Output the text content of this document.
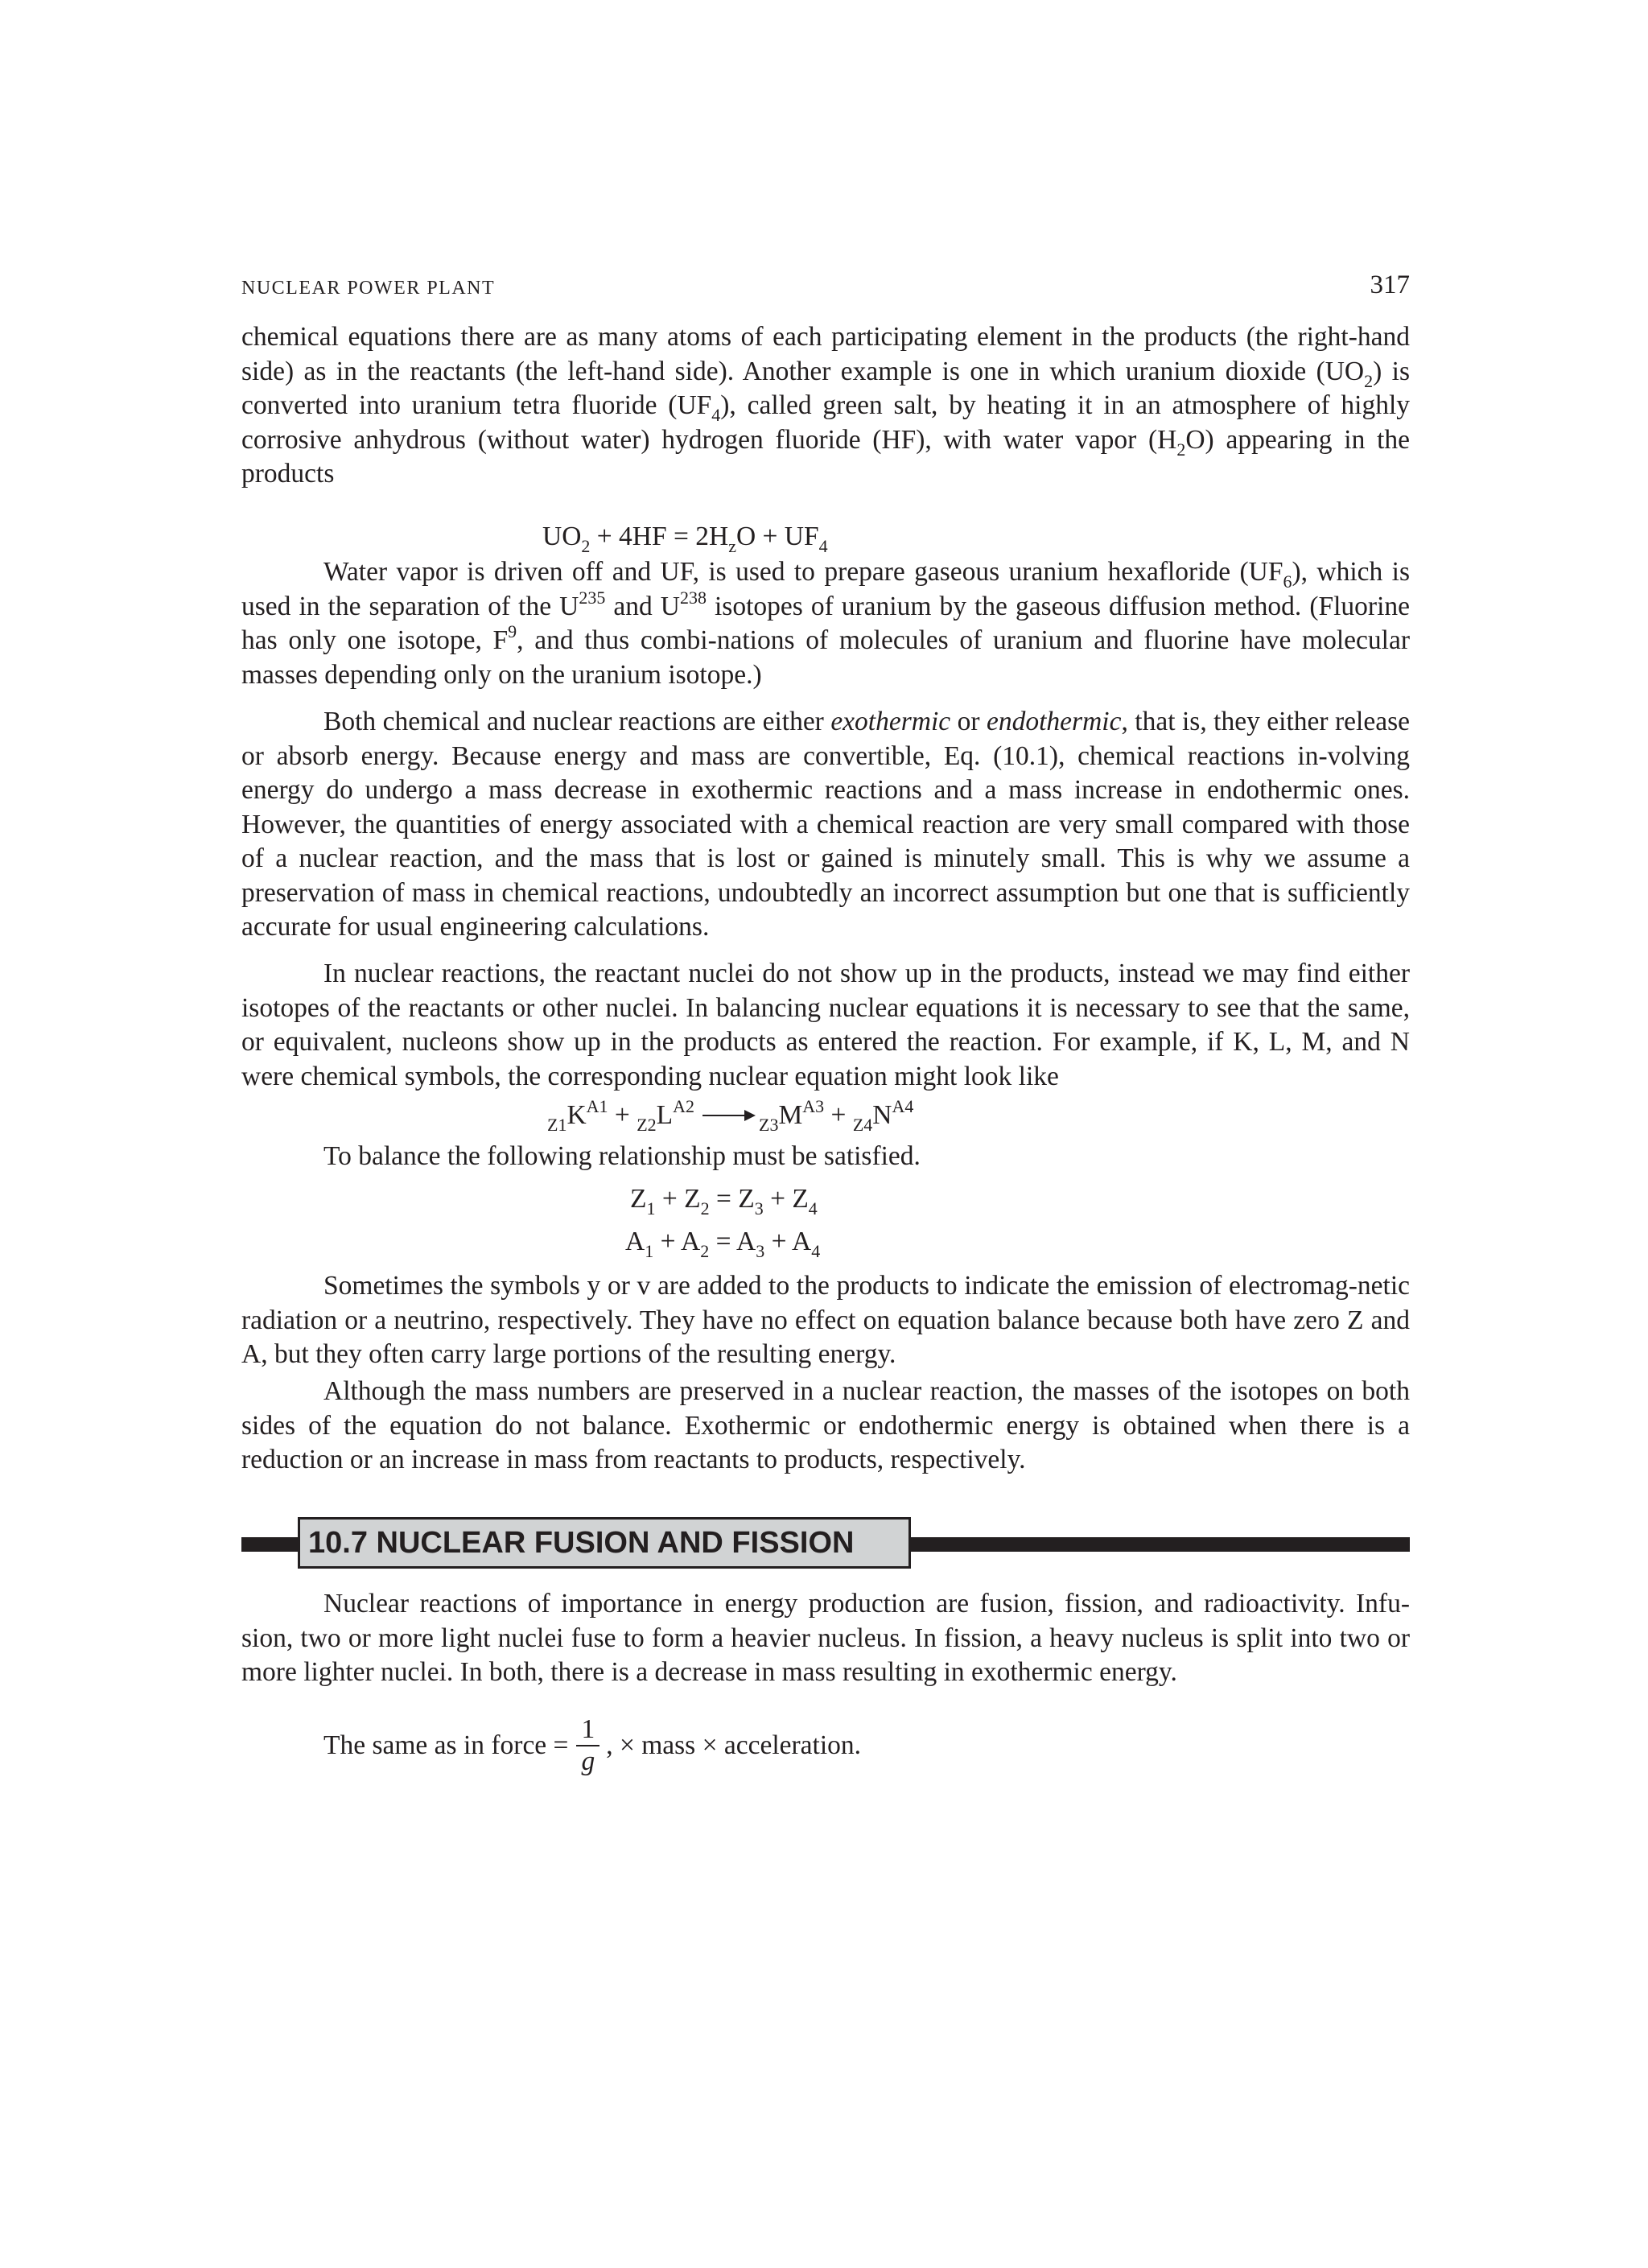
NUCLEAR POWER PLANT	317

chemical equations there are as many atoms of each participating element in the products (the right-hand side) as in the reactants (the left-hand side). Another example is one in which uranium dioxide $(UO_2)$ is converted into uranium tetra fluoride $(UF_4)$, called green salt, by heating it in an atmosphere of highly corrosive anhydrous (without water) hydrogen fluoride (HF), with water vapor $(H_2O)$ appearing in the products

$UO_2 + 4HF = 2H_zO + UF_4$

Water vapor is driven off and UF, is used to prepare gaseous uranium hexafloride $(UF_6)$, which is used in the separation of the $U^{235}$ and $U^{238}$ isotopes of uranium by the gaseous diffusion method. (Fluorine has only one isotope, $F^9$, and thus combi-nations of molecules of uranium and fluorine have molecular masses depending only on the uranium isotope.)

Both chemical and nuclear reactions are either exothermic or endothermic, that is, they either release or absorb energy. Because energy and mass are convertible, Eq. (10.1), chemical reactions in-volving energy do undergo a mass decrease in exothermic reactions and a mass increase in endothermic ones. However, the quantities of energy associated with a chemical reaction are very small compared with those of a nuclear reaction, and the mass that is lost or gained is minutely small. This is why we assume a preservation of mass in chemical reactions, undoubtedly an incorrect assumption but one that is sufficiently accurate for usual engineering calculations.

In nuclear reactions, the reactant nuclei do not show up in the products, instead we may find either isotopes of the reactants or other nuclei. In balancing nuclear equations it is necessary to see that the same, or equivalent, nucleons show up in the products as entered the reaction. For example, if K, L, M, and N were chemical symbols, the corresponding nuclear equation might look like

$_{Z1}K^{A1} + _{Z2}L^{A2} \to _{Z3}M^{A3} + _{Z4}N^{A4}$

To balance the following relationship must be satisfied.

$Z_1 + Z_2 = Z_3 + Z_4$
$A_1 + A_2 = A_3 + A_4$

Sometimes the symbols y or v are added to the products to indicate the emission of electromag-netic radiation or a neutrino, respectively. They have no effect on equation balance because both have zero Z and A, but they often carry large portions of the resulting energy.

Although the mass numbers are preserved in a nuclear reaction, the masses of the isotopes on both sides of the equation do not balance. Exothermic or endothermic energy is obtained when there is a reduction or an increase in mass from reactants to products, respectively.

10.7 NUCLEAR FUSION AND FISSION

Nuclear reactions of importance in energy production are fusion, fission, and radioactivity. Infu-sion, two or more light nuclei fuse to form a heavier nucleus. In fission, a heavy nucleus is split into two or more lighter nuclei. In both, there is a decrease in mass resulting in exothermic energy.

The same as in force = $\frac{1}{g}$ , × mass × acceleration.
